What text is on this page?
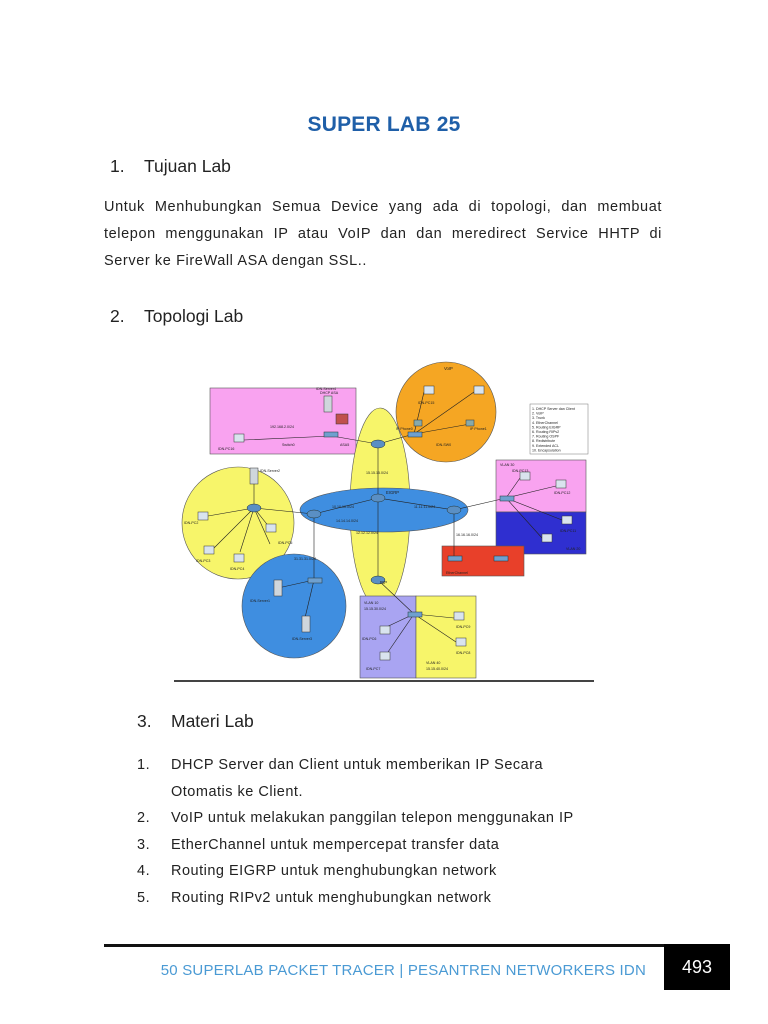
SUPER LAB 25
1. Tujuan Lab
Untuk Menhubungkan Semua Device yang ada di topologi, dan membuat telepon menggunakan IP atau VoIP dan dan meredirect Service HHTP di Server ke FireWall ASA dengan SSL..
2. Topologi Lab
VoIP
IDN-Server4
DHCP ASA
192.168.2.0/24
Switch0	ASA5
IDN-PC16
IDN-PC15
IP Phone0	IP Phone1
IDN-SW0
EIGRP
15.15.15.0/24
10.10.10.0/24	11.11.11.0/24
14.14.14.0/24
12.12.12.0/24
31.31.31.0/24
16.16.16.0/24
IDN-Server2
IDN-PC2
IDN-PC3
IDN-PC4
IDN-PC5
IDN-Server1
IDN-Server3
RIP
VLAN 10
15.15.30.0/24
VLAN 40
15.15.40.0/24
IDN-PC6
IDN-PC7
IDN-PC8
IDN-PC9
VLAN 30
IDN-PC13
IDN-PC12
IDN-PC11
VLAN 20
EtherChannel
1. DHCP Server dan Client
2. VoIP
3. Trunk
4. EtherChannel
5. Routing EIGRP
6. Routing RIPv2
7. Routing OSPF
8. Redistribute
9. Extended ACL
10. Encapsulation
3. Materi Lab
1. DHCP Server dan Client untuk memberikan IP Secara
Otomatis ke Client.
2. VoIP untuk melakukan panggilan telepon menggunakan IP
3. EtherChannel untuk mempercepat transfer data
4. Routing EIGRP untuk menghubungkan network
5. Routing RIPv2 untuk menghubungkan network
50 SUPERLAB PACKET TRACER | PESANTREN NETWORKERS IDN	493
